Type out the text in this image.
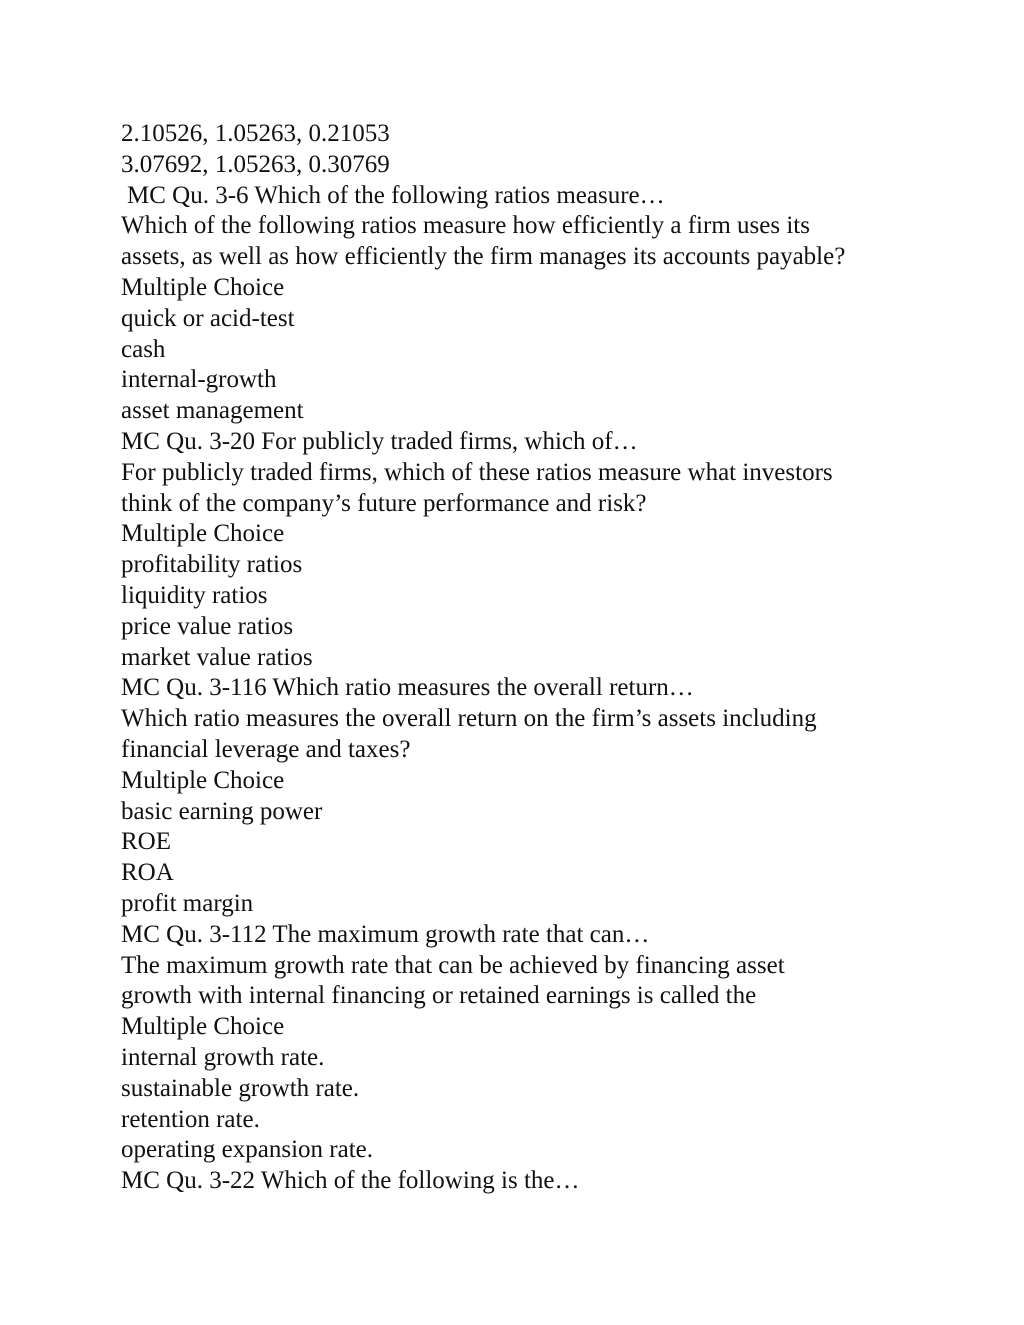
2.10526, 1.05263, 0.21053
3.07692, 1.05263, 0.30769
MC Qu. 3-6 Which of the following ratios measure…
Which of the following ratios measure how efficiently a firm uses its
assets, as well as how efficiently the firm manages its accounts payable?
Multiple Choice
quick or acid-test
cash
internal-growth
asset management
MC Qu. 3-20 For publicly traded firms, which of…
For publicly traded firms, which of these ratios measure what investors
think of the company’s future performance and risk?
Multiple Choice
profitability ratios
liquidity ratios
price value ratios
market value ratios
MC Qu. 3-116 Which ratio measures the overall return…
Which ratio measures the overall return on the firm’s assets including
financial leverage and taxes?
Multiple Choice
basic earning power
ROE
ROA
profit margin
MC Qu. 3-112 The maximum growth rate that can…
The maximum growth rate that can be achieved by financing asset
growth with internal financing or retained earnings is called the
Multiple Choice
internal growth rate.
sustainable growth rate.
retention rate.
operating expansion rate.
MC Qu. 3-22 Which of the following is the…
